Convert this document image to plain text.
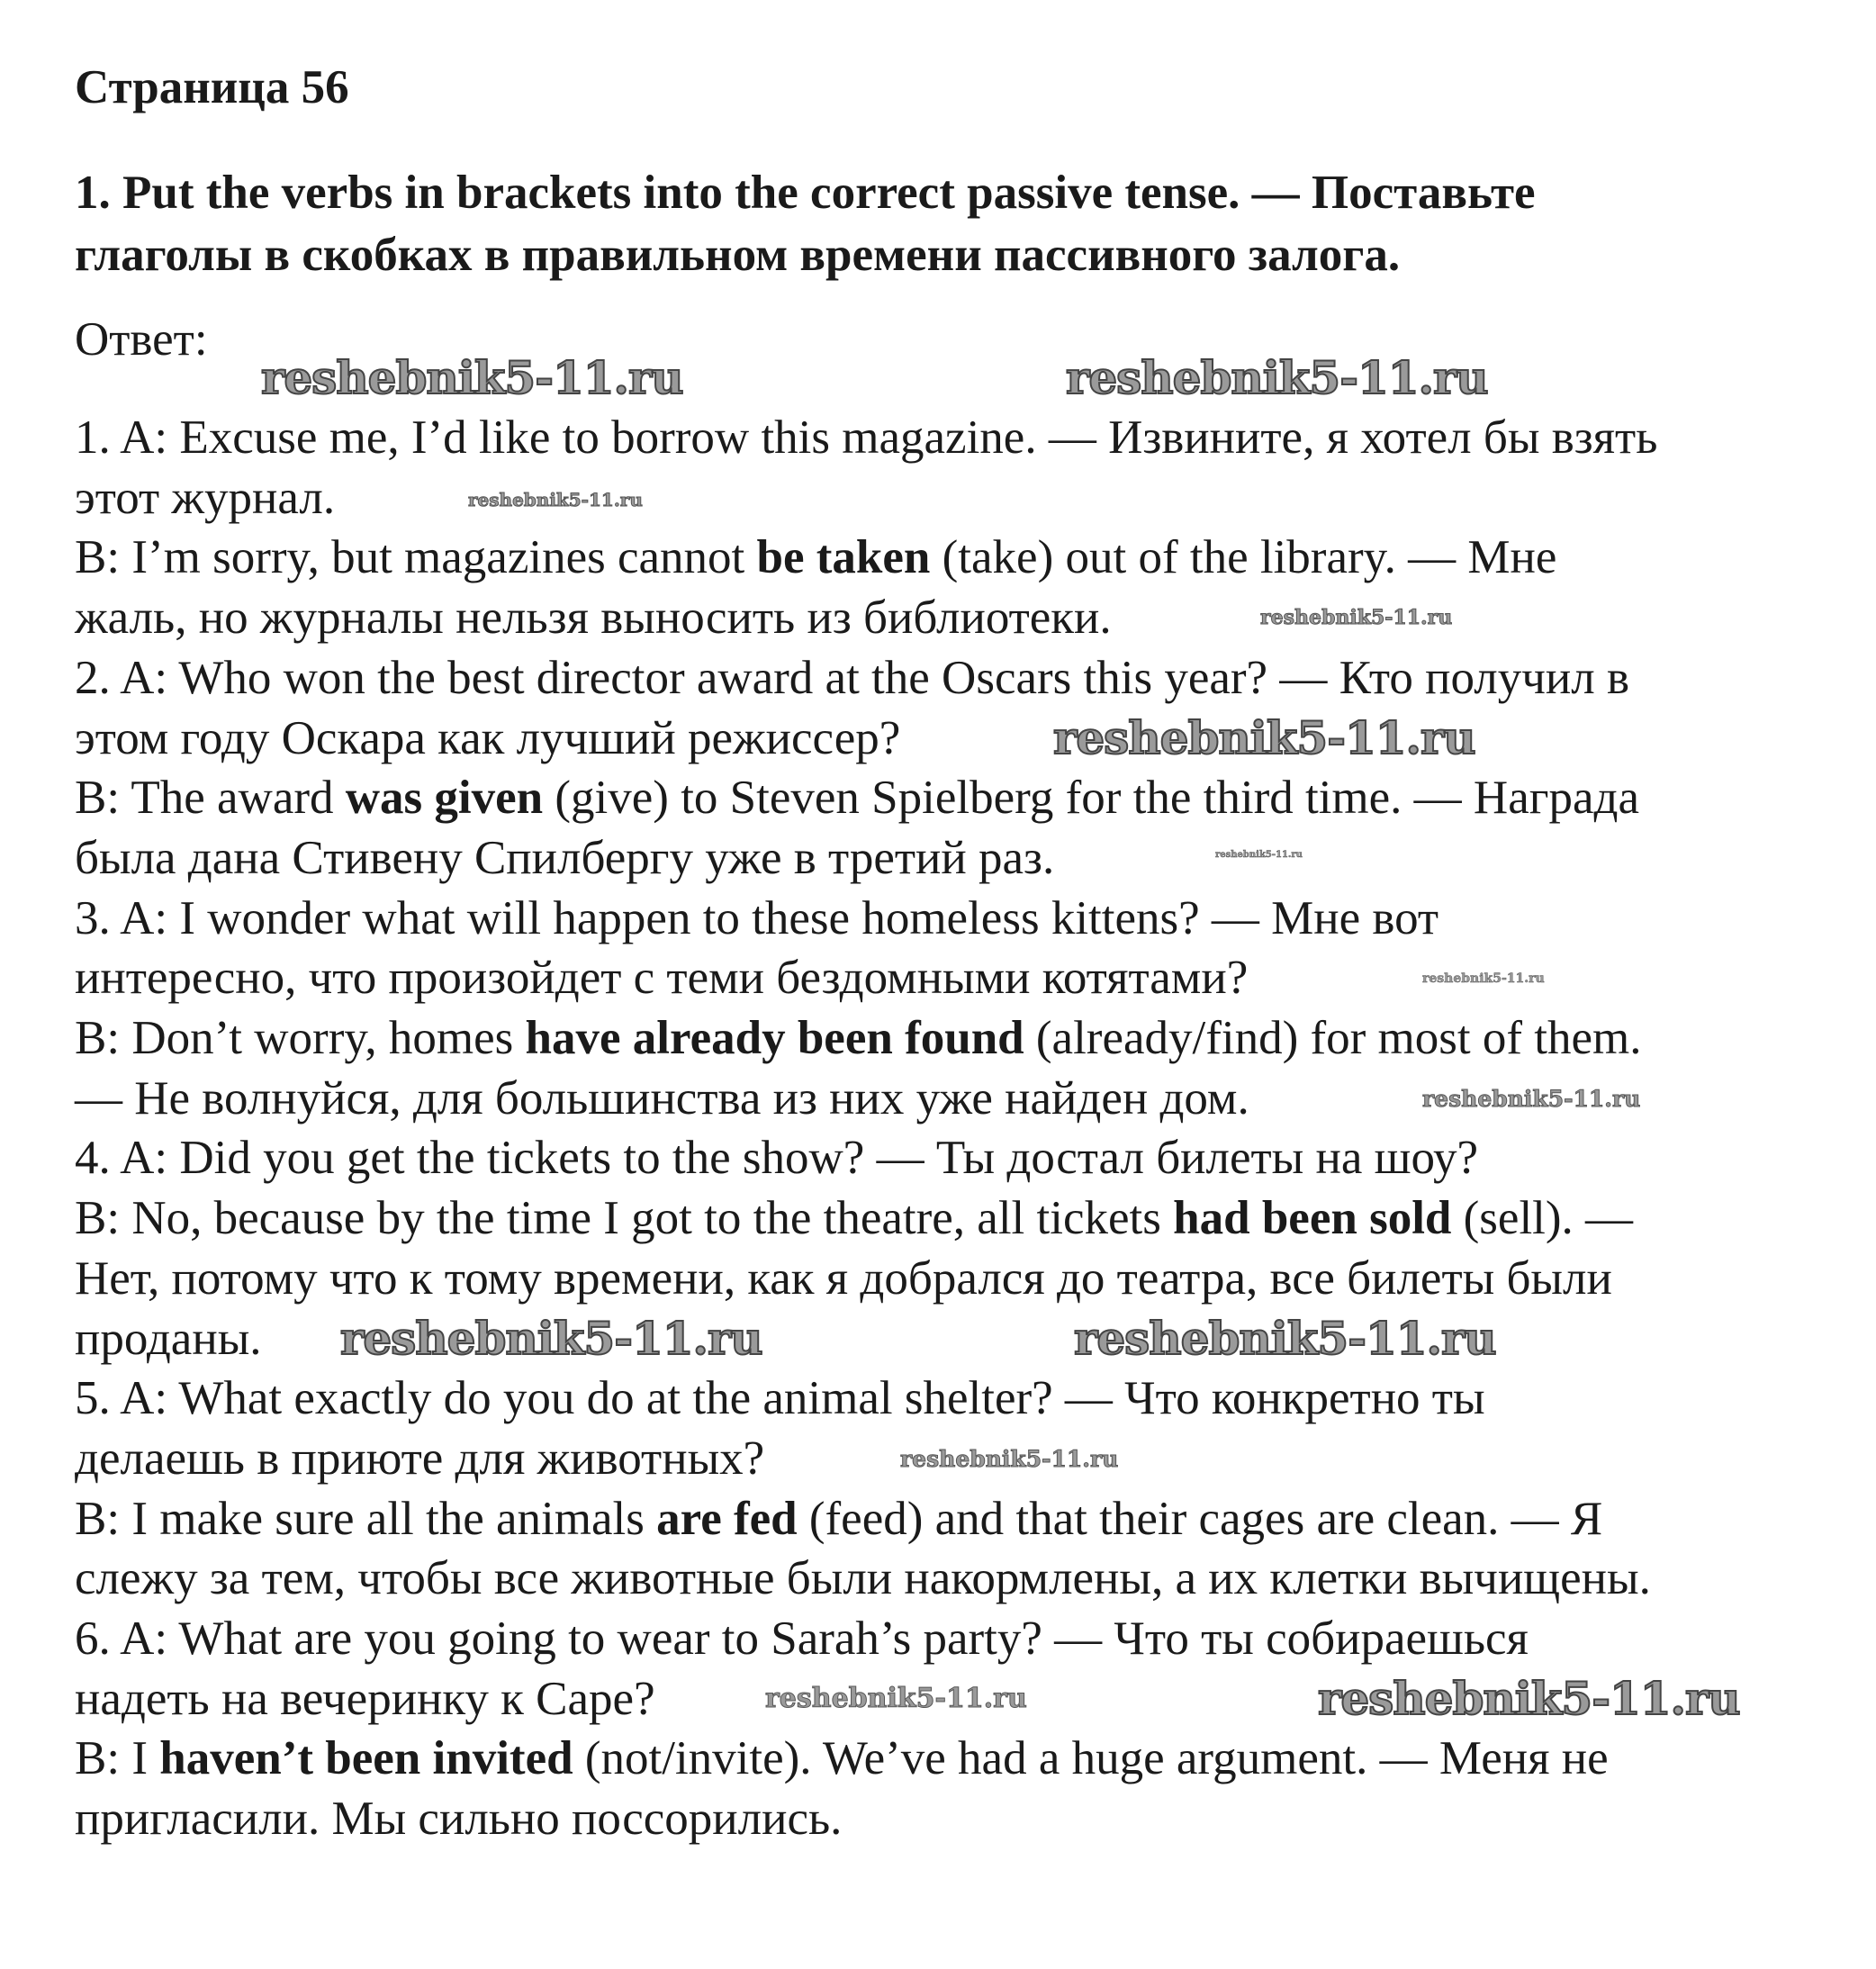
Страница 56
1. Put the verbs in brackets into the correct passive tense. — Поставьте
глаголы в скобках в правильном времени пассивного залога.
Ответ:
1. A: Excuse me, I’d like to borrow this magazine. — Извините, я хотел бы взять
этот журнал.
B: I’m sorry, but magazines cannot be taken (take) out of the library. — Мне
жаль, но журналы нельзя выносить из библиотеки.
2. A: Who won the best director award at the Oscars this year? — Кто получил в
этом году Оскара как лучший режиссер?
B: The award was given (give) to Steven Spielberg for the third time. — Награда
была дана Стивену Спилбергу уже в третий раз.
3. A: I wonder what will happen to these homeless kittens? — Мне вот
интересно, что произойдет с теми бездомными котятами?
B: Don’t worry, homes have already been found (already/find) for most of them.
— Не волнуйся, для большинства из них уже найден дом.
4. A: Did you get the tickets to the show? — Ты достал билеты на шоу?
B: No, because by the time I got to the theatre, all tickets had been sold (sell). —
Нет, потому что к тому времени, как я добрался до театра, все билеты были
проданы.
5. A: What exactly do you do at the animal shelter? — Что конкретно ты
делаешь в приюте для животных?
B: I make sure all the animals are fed (feed) and that their cages are clean. — Я
слежу за тем, чтобы все животные были накормлены, а их клетки вычищены.
6. A: What are you going to wear to Sarah’s party? — Что ты собираешься
надеть на вечеринку к Саре?
B: I haven’t been invited (not/invite). We’ve had a huge argument. — Меня не
пригласили. Мы сильно поссорились.
reshebnik5-11.ru	reshebnik5-11.ru
reshebnik5-11.ru
reshebnik5-11.ru	reshebnik5-11.ru
reshebnik5-11.ru
reshebnik5-11.ru
reshebnik5-11.ru
reshebnik5-11.ru
reshebnik5-11.ru
reshebnik5-11.ru
reshebnik5-11.ru
reshebnik5-11.ru
